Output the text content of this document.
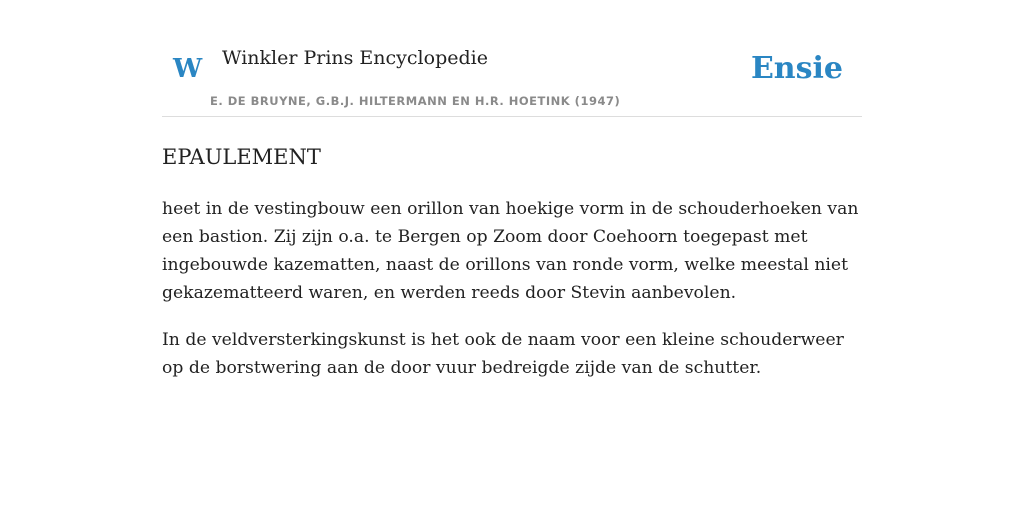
W Winkler Prins Encyclopedie
E. DE BRUYNE, G.B.J. HILTERMANN EN H.R. HOETINK (1947)
Ensie
EPAULEMENT

heet in de vestingbouw een orillon van hoekige vorm in de schouderhoeken van een bastion. Zij zijn o.a. te Bergen op Zoom door Coehoorn toegepast met ingebouwde kazematten, naast de orillons van ronde vorm, welke meestal niet gekazematteerd waren, en werden reeds door Stevin aanbevolen.

In de veldversterkingskunst is het ook de naam voor een kleine schouderweer op de borstwering aan de door vuur bedreigde zijde van de schutter.
